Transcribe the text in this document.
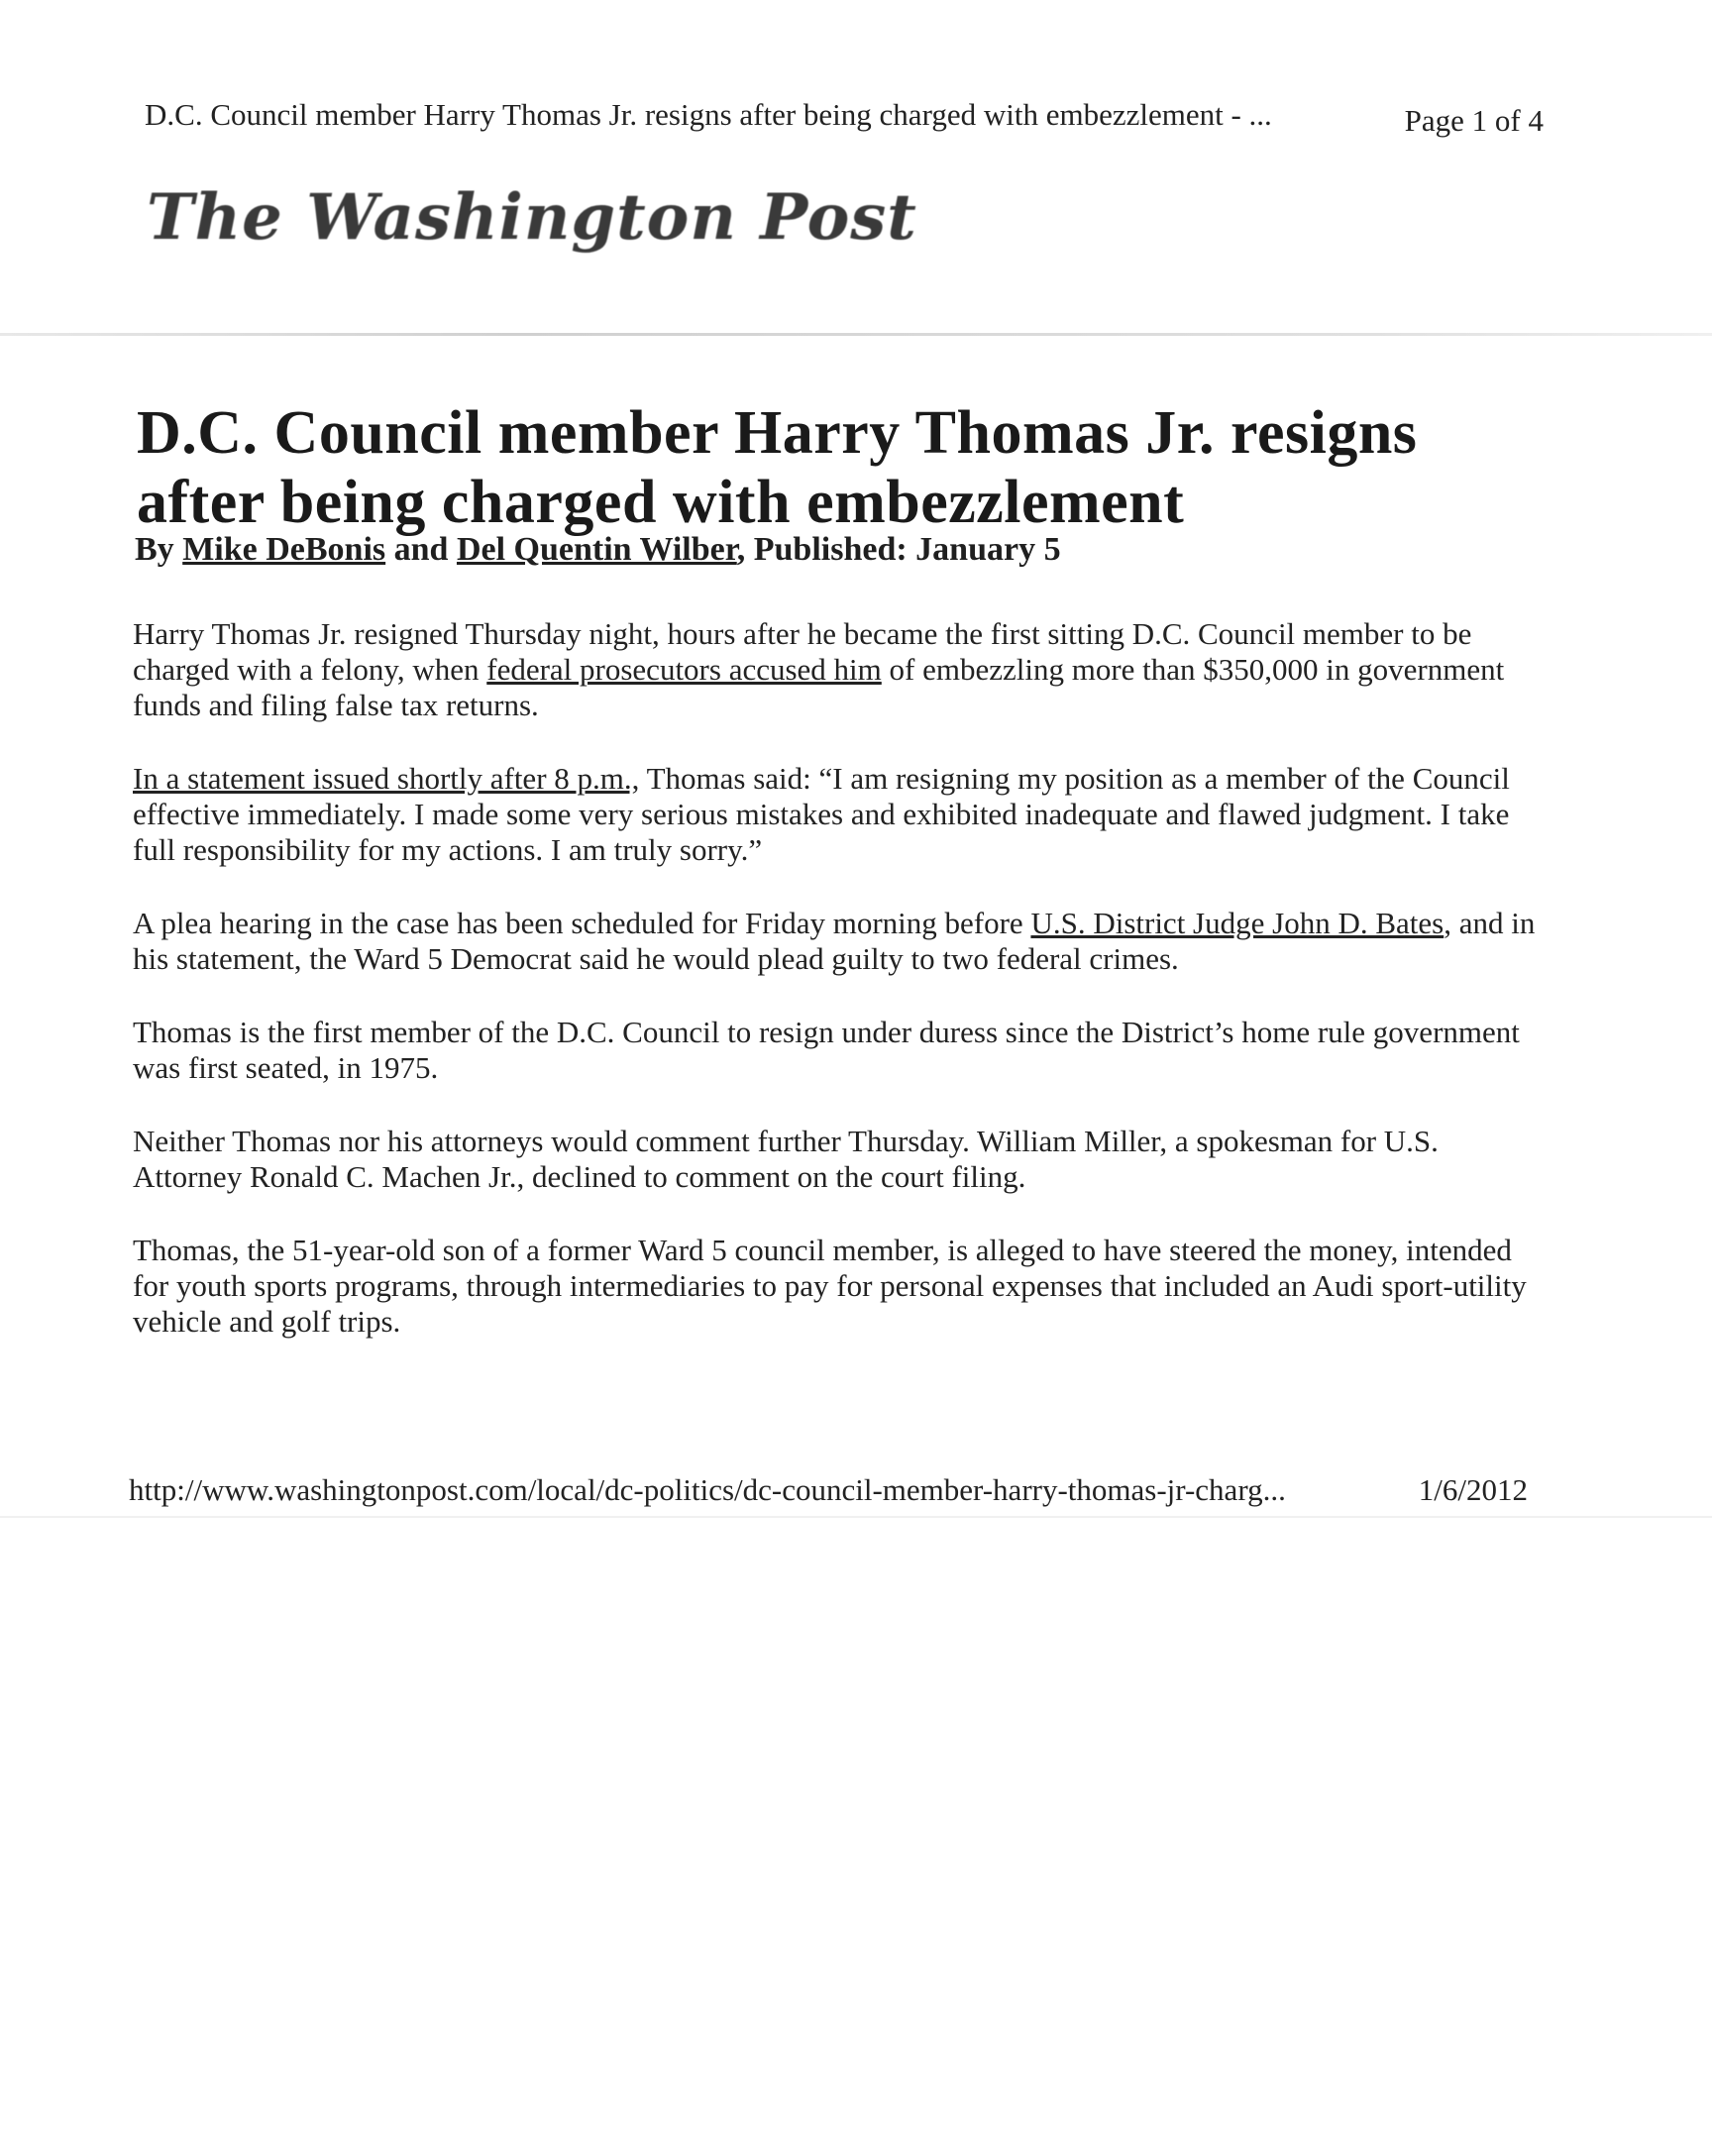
D.C. Council member Harry Thomas Jr. resigns after being charged with embezzlement - ...	Page 1 of 4
The Washington Post
D.C. Council member Harry Thomas Jr. resigns after being charged with embezzlement
By Mike DeBonis and Del Quentin Wilber, Published: January 5

Harry Thomas Jr. resigned Thursday night, hours after he became the first sitting D.C. Council member to be charged with a felony, when federal prosecutors accused him of embezzling more than $350,000 in government funds and filing false tax returns.

In a statement issued shortly after 8 p.m., Thomas said: “I am resigning my position as a member of the Council effective immediately. I made some very serious mistakes and exhibited inadequate and flawed judgment. I take full responsibility for my actions. I am truly sorry.”

A plea hearing in the case has been scheduled for Friday morning before U.S. District Judge John D. Bates, and in his statement, the Ward 5 Democrat said he would plead guilty to two federal crimes.

Thomas is the first member of the D.C. Council to resign under duress since the District’s home rule government was first seated, in 1975.

Neither Thomas nor his attorneys would comment further Thursday. William Miller, a spokesman for U.S. Attorney Ronald C. Machen Jr., declined to comment on the court filing.

Thomas, the 51-year-old son of a former Ward 5 council member, is alleged to have steered the money, intended for youth sports programs, through intermediaries to pay for personal expenses that included an Audi sport-utility vehicle and golf trips.

http://www.washingtonpost.com/local/dc-politics/dc-council-member-harry-thomas-jr-charg...	1/6/2012
